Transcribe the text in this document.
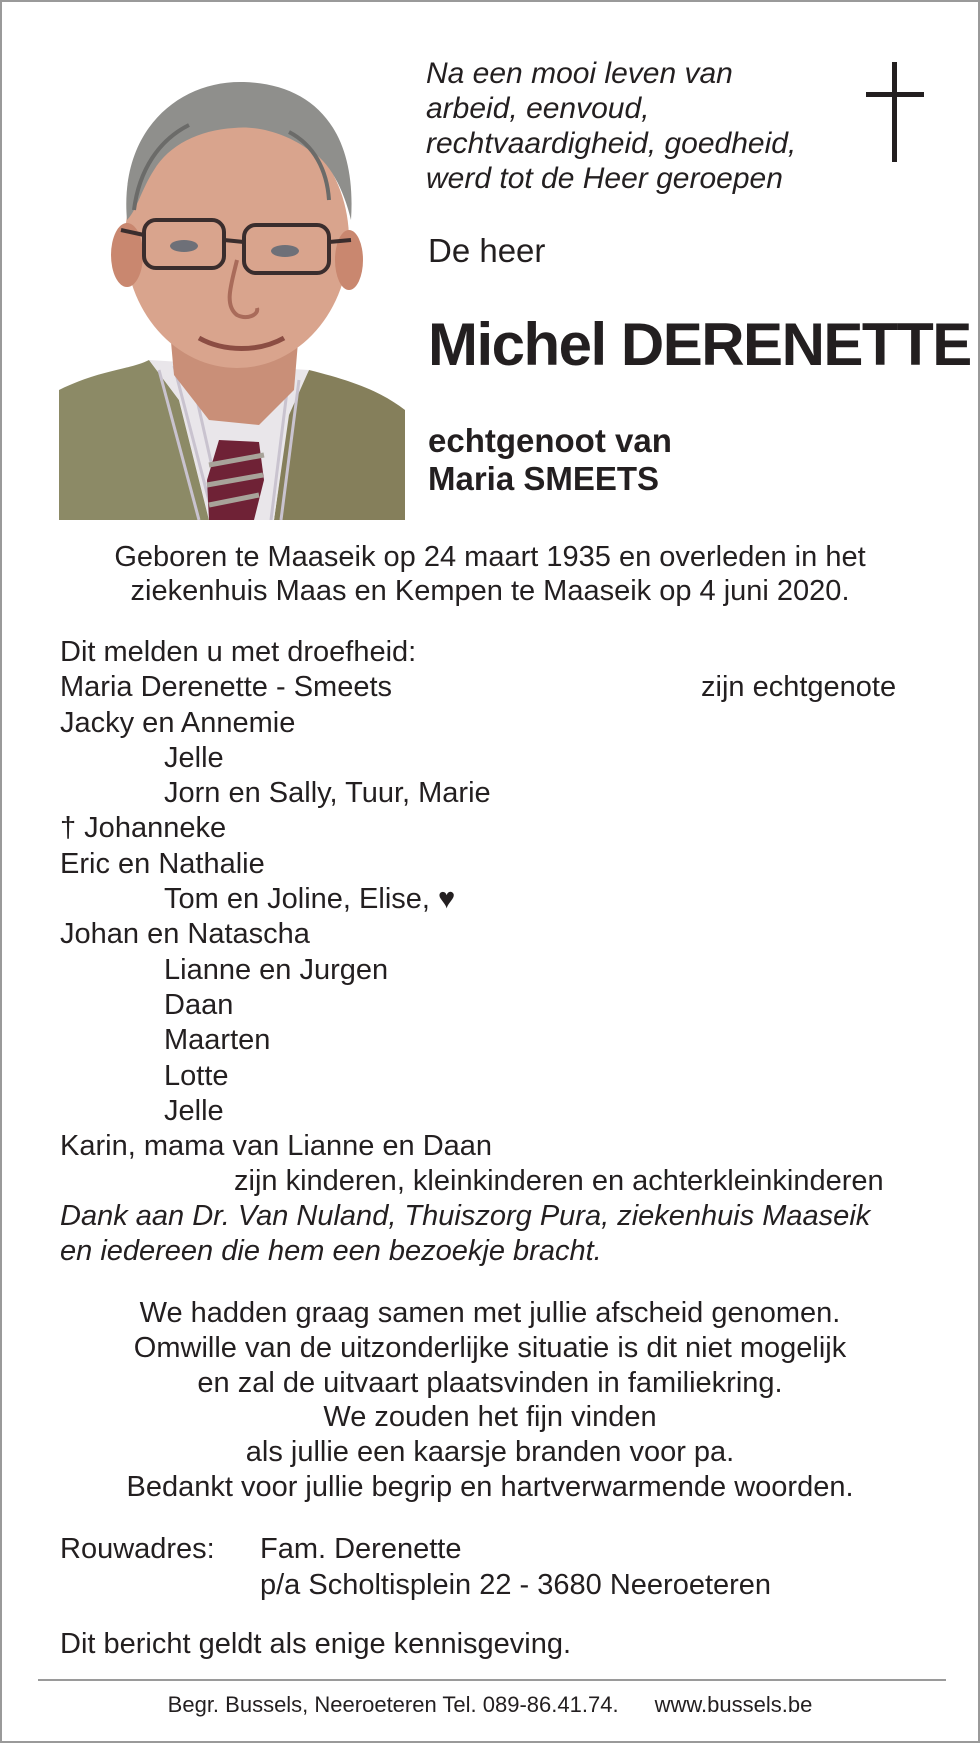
Na een mooi leven van
arbeid, eenvoud,
rechtvaardigheid, goedheid,
werd tot de Heer geroepen
De heer
Michel DERENETTE
echtgenoot van
Maria SMEETS
Geboren te Maaseik op 24 maart 1935 en overleden in het
ziekenhuis Maas en Kempen te Maaseik op 4 juni 2020.
Dit melden u met droefheid:
Maria Derenette - Smeets	zijn echtgenote
Jacky en Annemie
Jelle
Jorn en Sally, Tuur, Marie
† Johanneke
Eric en Nathalie
Tom en Joline, Elise, ♥
Johan en Natascha
Lianne en Jurgen
Daan
Maarten
Lotte
Jelle
Karin, mama van Lianne en Daan
zijn kinderen, kleinkinderen en achterkleinkinderen
Dank aan Dr. Van Nuland, Thuiszorg Pura, ziekenhuis Maaseik
en iedereen die hem een bezoekje bracht.
We hadden graag samen met jullie afscheid genomen.
Omwille van de uitzonderlijke situatie is dit niet mogelijk
en zal de uitvaart plaatsvinden in familiekring.
We zouden het fijn vinden
als jullie een kaarsje branden voor pa.
Bedankt voor jullie begrip en hartverwarmende woorden.
Rouwadres: Fam. Derenette
p/a Scholtisplein 22 - 3680 Neeroeteren
Dit bericht geldt als enige kennisgeving.
Begr. Bussels, Neeroeteren Tel. 089-86.41.74. www.bussels.be
